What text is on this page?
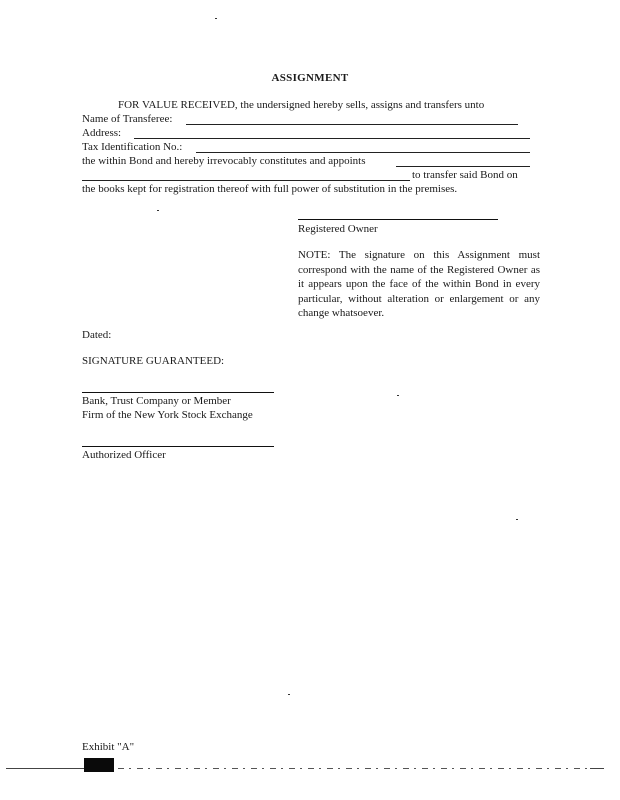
ASSIGNMENT
FOR VALUE RECEIVED, the undersigned hereby sells, assigns and transfers unto
Name of Transferee:
Address:
Tax Identification No.:
the within Bond and hereby irrevocably constitutes and appoints
to transfer said Bond on
the books kept for registration thereof with full power of substitution in the premises.
Registered Owner
NOTE: The signature on this Assignment must correspond with the name of the Registered Owner as it appears upon the face of the within Bond in every particular, without alteration or enlargement or any change whatsoever.
Dated:
SIGNATURE GUARANTEED:
Bank, Trust Company or Member
Firm of the New York Stock Exchange
Authorized Officer
Exhibit "A"
